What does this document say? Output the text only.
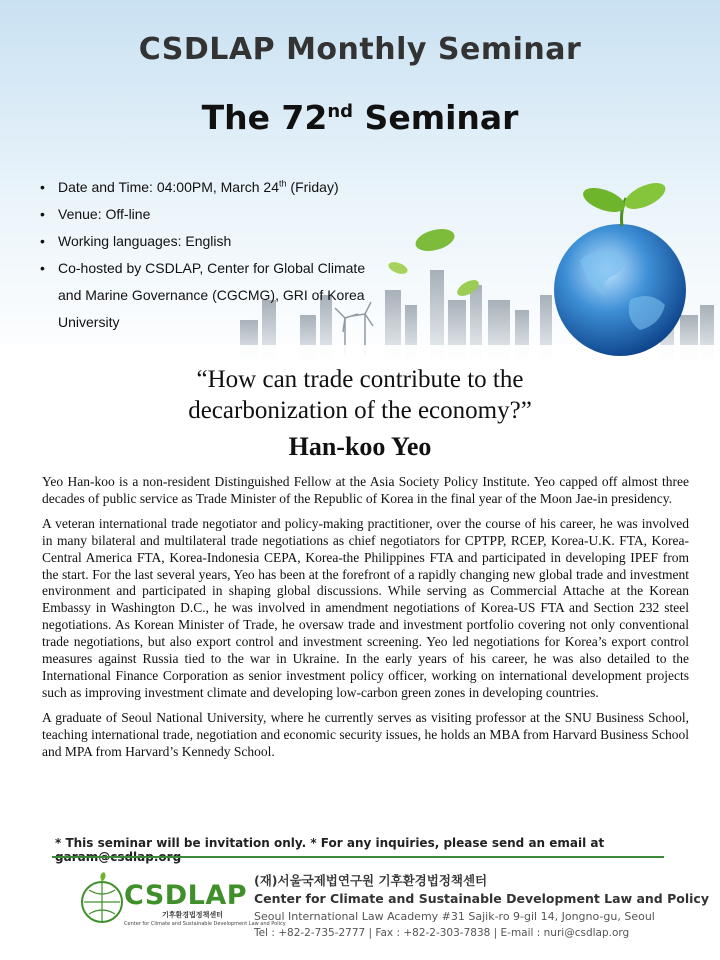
CSDLAP Monthly Seminar
The 72nd Seminar
• Date and Time: 04:00PM, March 24th (Friday)
• Venue: Off-line
• Working languages: English
• Co-hosted by CSDLAP, Center for Global Climate
and Marine Governance (CGCMG), GRI of Korea
University
“How can trade contribute to the
decarbonization of the economy?”
Han-koo Yeo

Yeo Han-koo is a non-resident Distinguished Fellow at the Asia Society Policy Institute. Yeo capped off almost three decades of public service as Trade Minister of the Republic of Korea in the final year of the Moon Jae-in presidency.

A veteran international trade negotiator and policy-making practitioner, over the course of his career, he was involved in many bilateral and multilateral trade negotiations as chief negotiators for CPTPP, RCEP, Korea-U.K. FTA, Korea-Central America FTA, Korea-Indonesia CEPA, Korea-the Philippines FTA and participated in developing IPEF from the start. For the last several years, Yeo has been at the forefront of a rapidly changing new global trade and investment environment and participated in shaping global discussions. While serving as Commercial Attache at the Korean Embassy in Washington D.C., he was involved in amendment negotiations of Korea-US FTA and Section 232 steel negotiations. As Korean Minister of Trade, he oversaw trade and investment portfolio covering not only conventional trade negotiations, but also export control and investment screening. Yeo led negotiations for Korea’s export control measures against Russia tied to the war in Ukraine. In the early years of his career, he was also detailed to the International Finance Corporation as senior investment policy officer, working on international development projects such as improving investment climate and developing low-carbon green zones in developing countries.

A graduate of Seoul National University, where he currently serves as visiting professor at the SNU Business School, teaching international trade, negotiation and economic security issues, he holds an MBA from Harvard Business School and MPA from Harvard’s Kennedy School.

* This seminar will be invitation only. * For any inquiries, please send an email at
CSDLAP
기후환경법정책센터
Center for Climate and Sustainable Development Law and Policy
(재)서울국제법연구원 기후환경법정책센터
Center for Climate and Sustainable Development Law and Policy
Seoul International Law Academy #31 Sajik-ro 9-gil 14, Jongno-gu, Seoul
Tel : +82-2-735-2777 | Fax : +82-2-303-7838 | E-mail : nuri@csdlap.org
